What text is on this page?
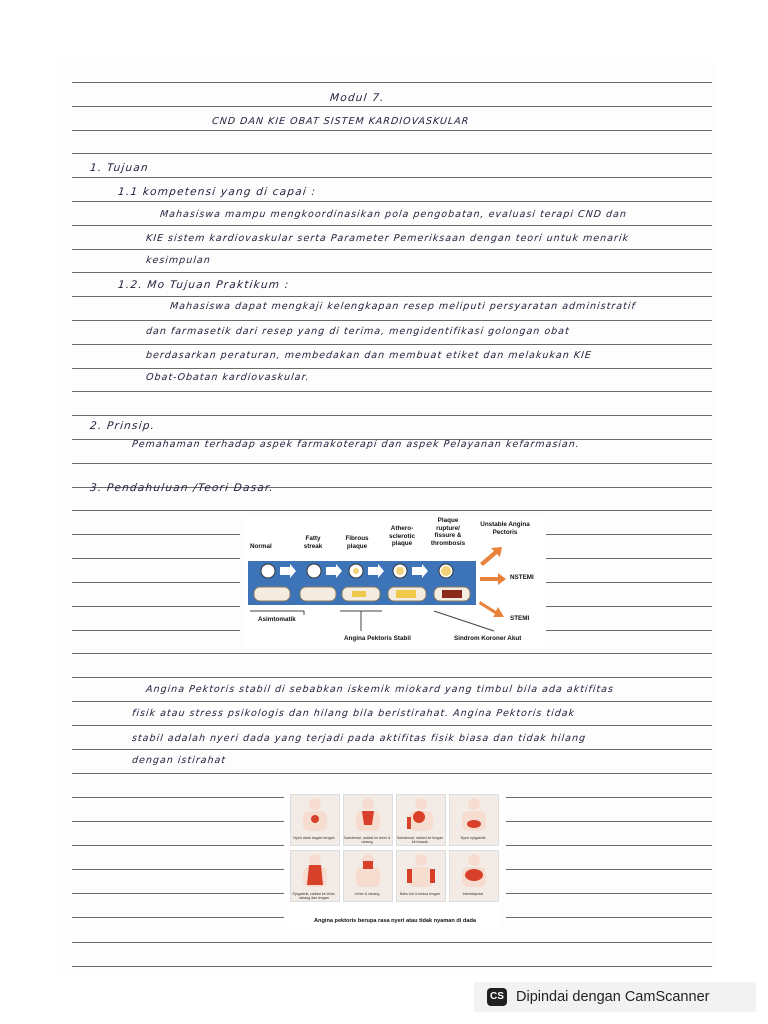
Modul 7.
CND DAN KIE OBAT SISTEM KARDIOVASKULAR
1. Tujuan
1.1 kompetensi yang di capai :
Mahasiswa mampu mengkoordinasikan pola pengobatan, evaluasi terapi CND dan
KIE sistem kardiovaskular serta Parameter Pemeriksaan dengan teori untuk menarik
kesimpulan
1.2. Mo Tujuan Praktikum :
Mahasiswa dapat mengkaji kelengkapan resep meliputi persyaratan administratif
dan farmasetik dari resep yang di terima, mengidentifikasi golongan obat
berdasarkan peraturan, membedakan dan membuat etiket dan melakukan KIE
Obat-Obatan kardiovaskular.
2. Prinsip.
Pemahaman terhadap aspek farmakoterapi dan aspek Pelayanan kefarmasian.
3. Pendahuluan /Teori Dasar.
Angina Pektoris stabil di sebabkan iskemik miokard yang timbul bila ada aktifitas
fisik atau stress psikologis dan hilang bila beristirahat. Angina Pektoris tidak
stabil adalah nyeri dada yang terjadi pada aktifitas fisik biasa dan tidak hilang
dengan istirahat
Normal
Fatty streak
Fibrous plaque
Athero- sclerotic plaque
Plaque rupture/ fissure & thrombosis
Unstable Angina Pectoris
NSTEMI
STEMI
Asimtomatik
Angina Pektoris Stabil	Sindrom Koroner Akut
Nyeri dada bagian tengah	Substernal, radiasi ke leher & rahang
Substernal, radiasi ke lengan kiri bawah
Nyeri epigastrik
Epigastrik, radiasi ke leher, rahang dan lengan
Leher & rahang	Bahu kiri & kedua lengan	Interskapular
Angina pektoris berupa rasa nyeri atau tidak nyaman di dada
CS Dipindai dengan CamScanner
